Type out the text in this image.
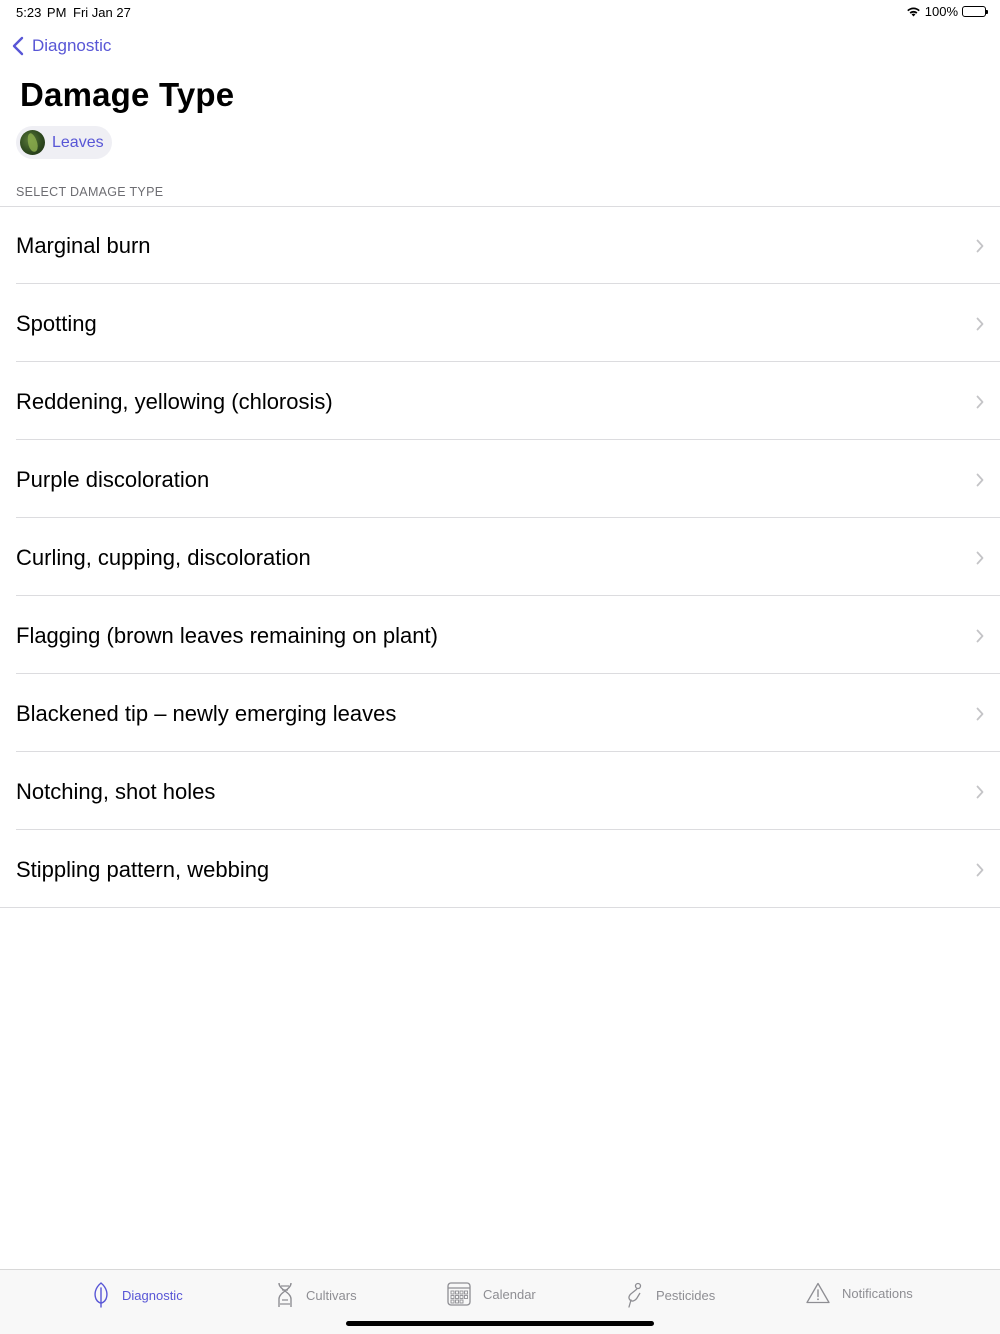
5:23 PM Fri Jan 27	100%
Diagnostic
Damage Type
Leaves
SELECT DAMAGE TYPE
Marginal burn
Spotting
Reddening, yellowing (chlorosis)
Purple discoloration
Curling, cupping, discoloration
Flagging (brown leaves remaining on plant)
Blackened tip – newly emerging leaves
Notching, shot holes
Stippling pattern, webbing
Diagnostic	Cultivars	Calendar	Pesticides	Notifications
